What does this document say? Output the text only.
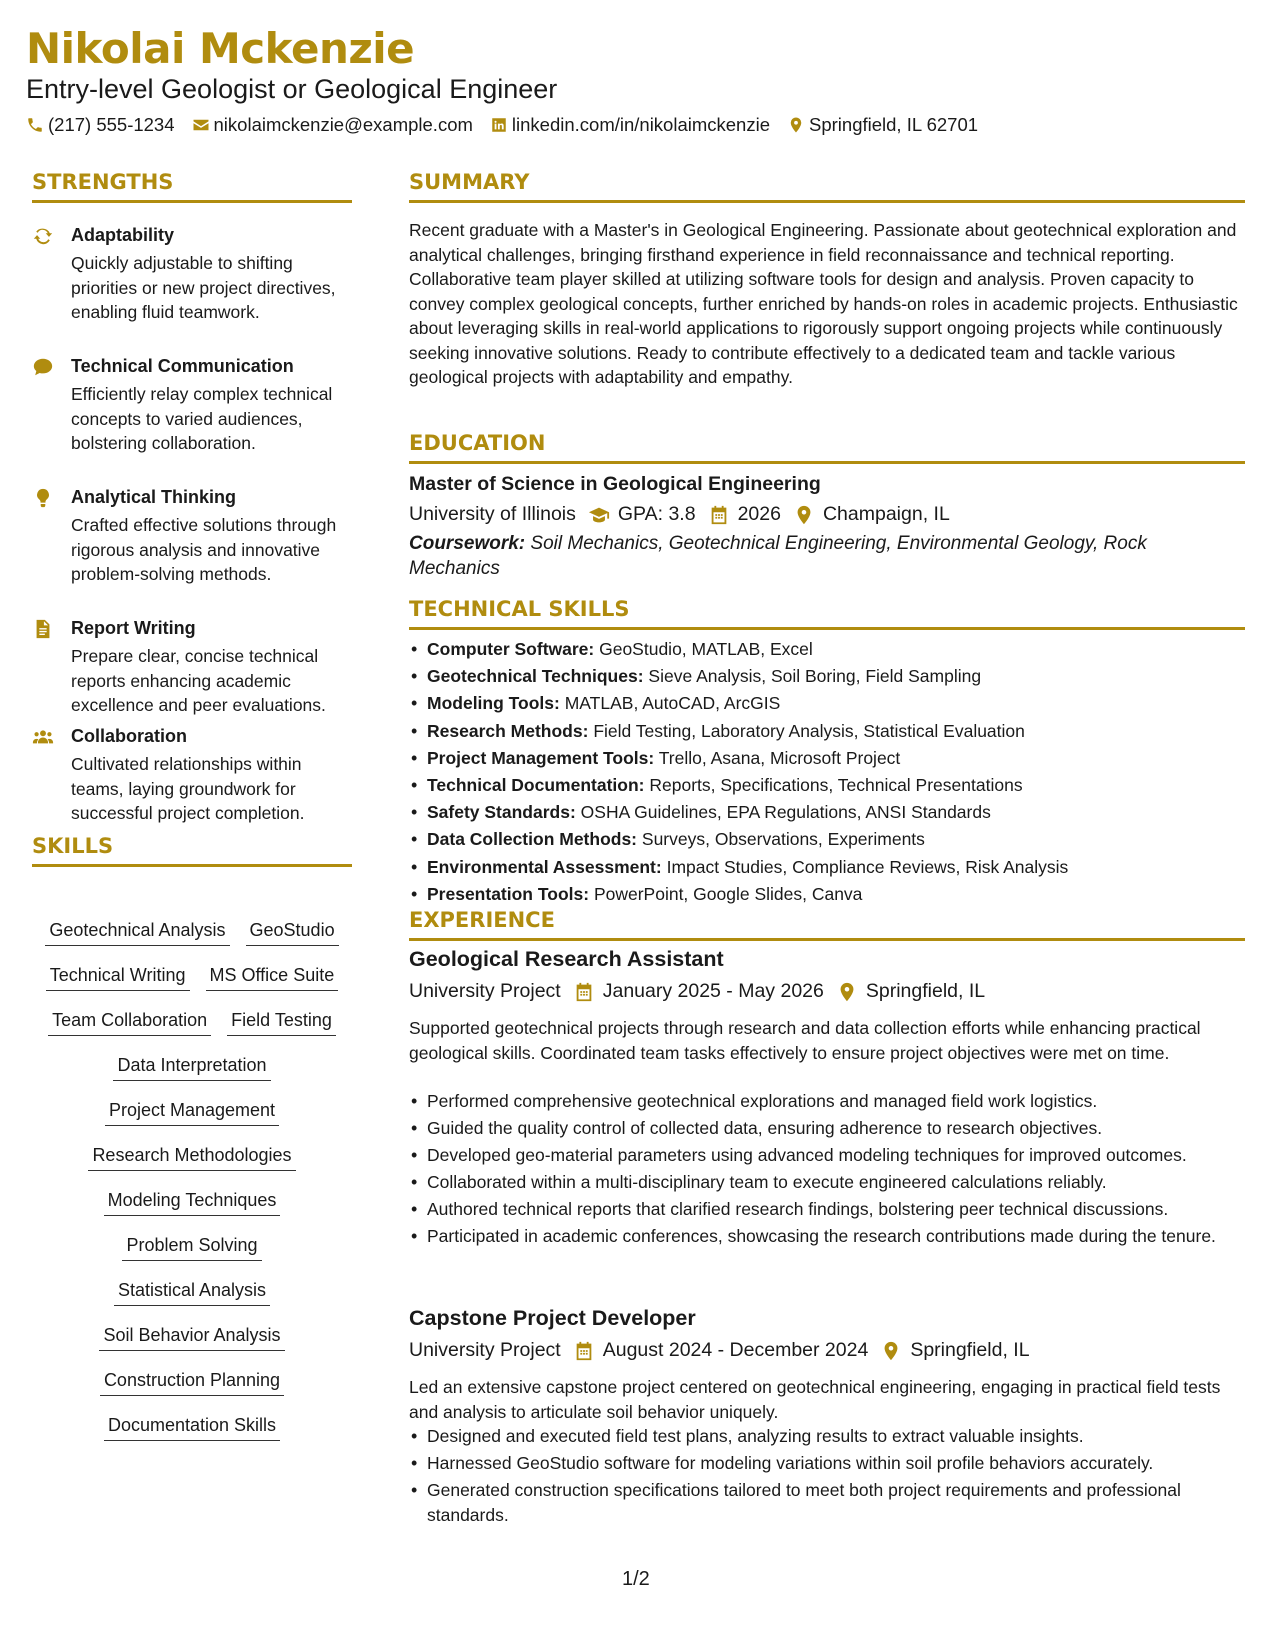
Nikolai Mckenzie
Entry-level Geologist or Geological Engineer
(217) 555-1234 nikolaimckenzie@example.com linkedin.com/in/nikolaimckenzie Springfield, IL 62701
STRENGTHS
Adaptability
Quickly adjustable to shifting priorities or new project directives, enabling fluid teamwork.
Technical Communication
Efficiently relay complex technical concepts to varied audiences, bolstering collaboration.
Analytical Thinking
Crafted effective solutions through rigorous analysis and innovative problem-solving methods.
Report Writing
Prepare clear, concise technical reports enhancing academic excellence and peer evaluations.
Collaboration
Cultivated relationships within teams, laying groundwork for successful project completion.
SKILLS
Geotechnical Analysis GeoStudio
Technical Writing MS Office Suite
Team Collaboration Field Testing
Data Interpretation
Project Management
Research Methodologies
Modeling Techniques
Problem Solving
Statistical Analysis
Soil Behavior Analysis
Construction Planning
Documentation Skills
SUMMARY
Recent graduate with a Master's in Geological Engineering. Passionate about geotechnical exploration and analytical challenges, bringing firsthand experience in field reconnaissance and technical reporting. Collaborative team player skilled at utilizing software tools for design and analysis. Proven capacity to convey complex geological concepts, further enriched by hands-on roles in academic projects. Enthusiastic about leveraging skills in real-world applications to rigorously support ongoing projects while continuously seeking innovative solutions. Ready to contribute effectively to a dedicated team and tackle various geological projects with adaptability and empathy.
EDUCATION
Master of Science in Geological Engineering
University of Illinois GPA: 3.8 2026 Champaign, IL
Coursework: Soil Mechanics, Geotechnical Engineering, Environmental Geology, Rock Mechanics
TECHNICAL SKILLS
• Computer Software: GeoStudio, MATLAB, Excel
• Geotechnical Techniques: Sieve Analysis, Soil Boring, Field Sampling
• Modeling Tools: MATLAB, AutoCAD, ArcGIS
• Research Methods: Field Testing, Laboratory Analysis, Statistical Evaluation
• Project Management Tools: Trello, Asana, Microsoft Project
• Technical Documentation: Reports, Specifications, Technical Presentations
• Safety Standards: OSHA Guidelines, EPA Regulations, ANSI Standards
• Data Collection Methods: Surveys, Observations, Experiments
• Environmental Assessment: Impact Studies, Compliance Reviews, Risk Analysis
• Presentation Tools: PowerPoint, Google Slides, Canva
EXPERIENCE
Geological Research Assistant
University Project January 2025 - May 2026 Springfield, IL
Supported geotechnical projects through research and data collection efforts while enhancing practical geological skills. Coordinated team tasks effectively to ensure project objectives were met on time.
• Performed comprehensive geotechnical explorations and managed field work logistics.
• Guided the quality control of collected data, ensuring adherence to research objectives.
• Developed geo-material parameters using advanced modeling techniques for improved outcomes.
• Collaborated within a multi-disciplinary team to execute engineered calculations reliably.
• Authored technical reports that clarified research findings, bolstering peer technical discussions.
• Participated in academic conferences, showcasing the research contributions made during the tenure.
Capstone Project Developer
University Project August 2024 - December 2024 Springfield, IL
Led an extensive capstone project centered on geotechnical engineering, engaging in practical field tests and analysis to articulate soil behavior uniquely.
• Designed and executed field test plans, analyzing results to extract valuable insights.
• Harnessed GeoStudio software for modeling variations within soil profile behaviors accurately.
• Generated construction specifications tailored to meet both project requirements and professional standards.
1/2
